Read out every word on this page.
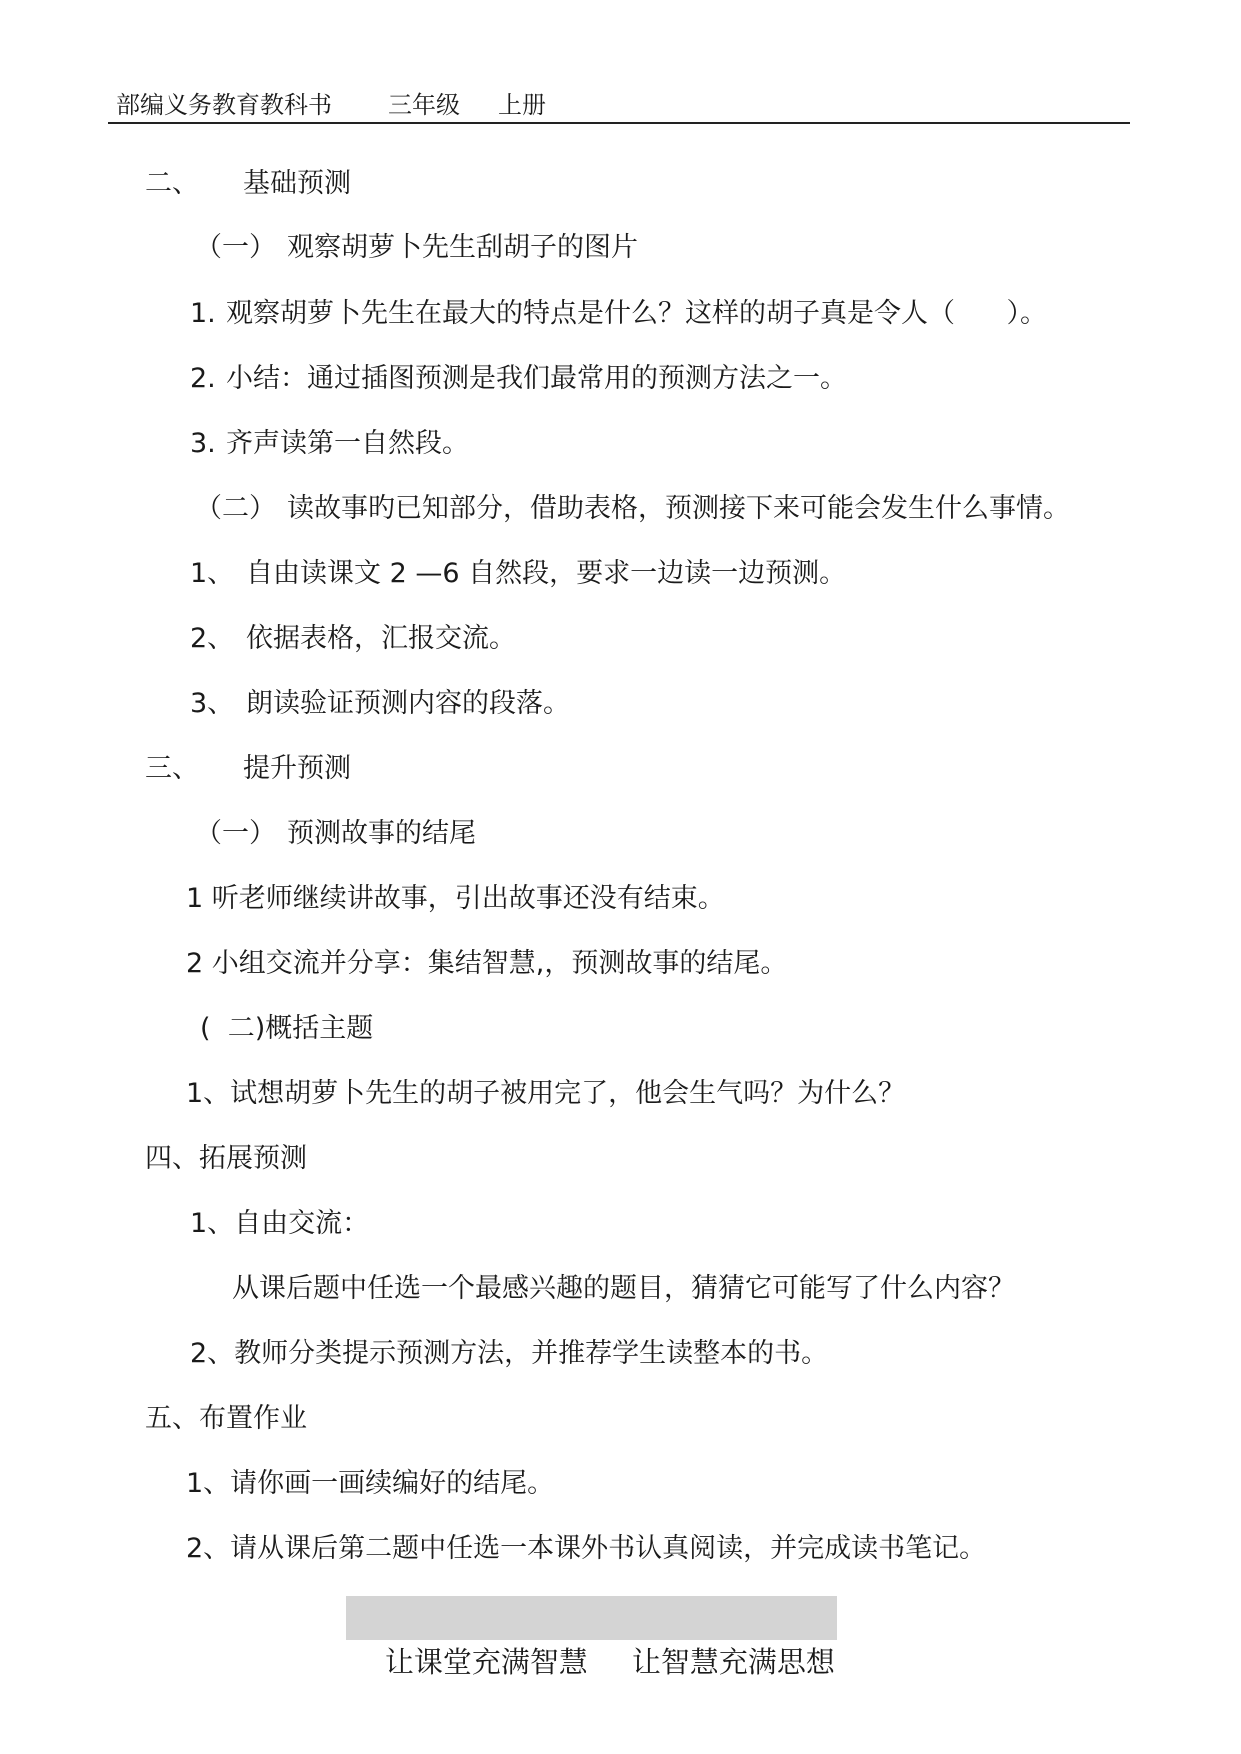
部编义务教育教科书

三年级

上册

二、

基础预测

（一）

观察胡萝卜先生刮胡子的图片

1.

观察胡萝卜先生在最大的特点是什么？这样的胡子真是令人（      ）。

2.

小结：通过插图预测是我们最常用的预测方法之一。

3.

齐声读第一自然段。

（二）

读故事旳已知部分，借助表格，预测接下来可能会发生什么事情。

1、

自由读课文 2 —6 自然段，要求一边读一边预测。

2、

依据表格，汇报交流。

3、

朗读验证预测内容的段落。

三、

提升预测

（一）

预测故事的结尾

1 听老师继续讲故事，引出故事还没有结束。
2 小组交流并分享：集结智慧,，预测故事的结尾。
(  二)概括主题
1、试想胡萝卜先生的胡子被用完了，他会生气吗？为什么？
四、拓展预测
1、自由交流：
从课后题中任选一个最感兴趣的题目，猜猜它可能写了什么内容？
2、教师分类提示预测方法，并推荐学生读整本的书。
五、布置作业
1、请你画一画续编好的结尾。
2、请从课后第二题中任选一本课外书认真阅读，并完成读书笔记。

让课堂充满智慧 让智慧充满思想
